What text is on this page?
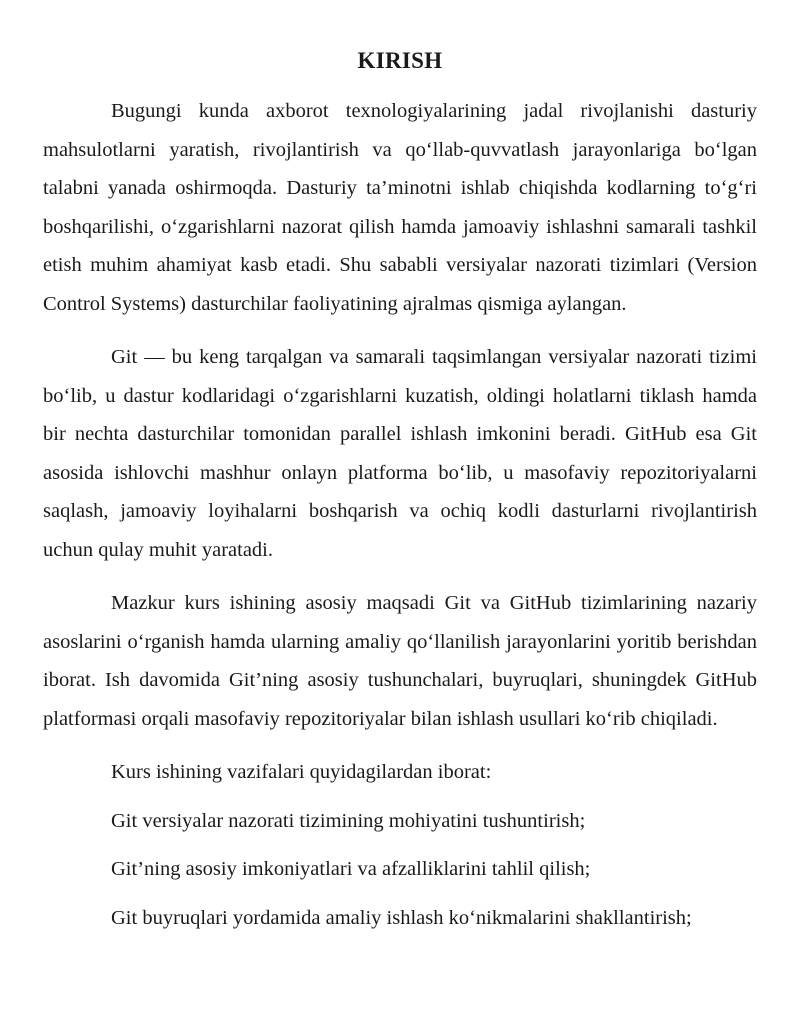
KIRISH

Bugungi kunda axborot texnologiyalarining jadal rivojlanishi dasturiy mahsulotlarni yaratish, rivojlantirish va qo‘llab-quvvatlash jarayonlariga bo‘lgan talabni yanada oshirmoqda. Dasturiy ta’minotni ishlab chiqishda kodlarning to‘g‘ri boshqarilishi, o‘zgarishlarni nazorat qilish hamda jamoaviy ishlashni samarali tashkil etish muhim ahamiyat kasb etadi. Shu sababli versiyalar nazorati tizimlari (Version Control Systems) dasturchilar faoliyatining ajralmas qismiga aylangan.

Git — bu keng tarqalgan va samarali taqsimlangan versiyalar nazorati tizimi bo‘lib, u dastur kodlaridagi o‘zgarishlarni kuzatish, oldingi holatlarni tiklash hamda bir nechta dasturchilar tomonidan parallel ishlash imkonini beradi. GitHub esa Git asosida ishlovchi mashhur onlayn platforma bo‘lib, u masofaviy repozitoriyalarni saqlash, jamoaviy loyihalarni boshqarish va ochiq kodli dasturlarni rivojlantirish uchun qulay muhit yaratadi.

Mazkur kurs ishining asosiy maqsadi Git va GitHub tizimlarining nazariy asoslarini o‘rganish hamda ularning amaliy qo‘llanilish jarayonlarini yoritib berishdan iborat. Ish davomida Git’ning asosiy tushunchalari, buyruqlari, shuningdek GitHub platformasi orqali masofaviy repozitoriyalar bilan ishlash usullari ko‘rib chiqiladi.

Kurs ishining vazifalari quyidagilardan iborat:

Git versiyalar nazorati tizimining mohiyatini tushuntirish;

Git’ning asosiy imkoniyatlari va afzalliklarini tahlil qilish;

Git buyruqlari yordamida amaliy ishlash ko‘nikmalarini shakllantirish;
